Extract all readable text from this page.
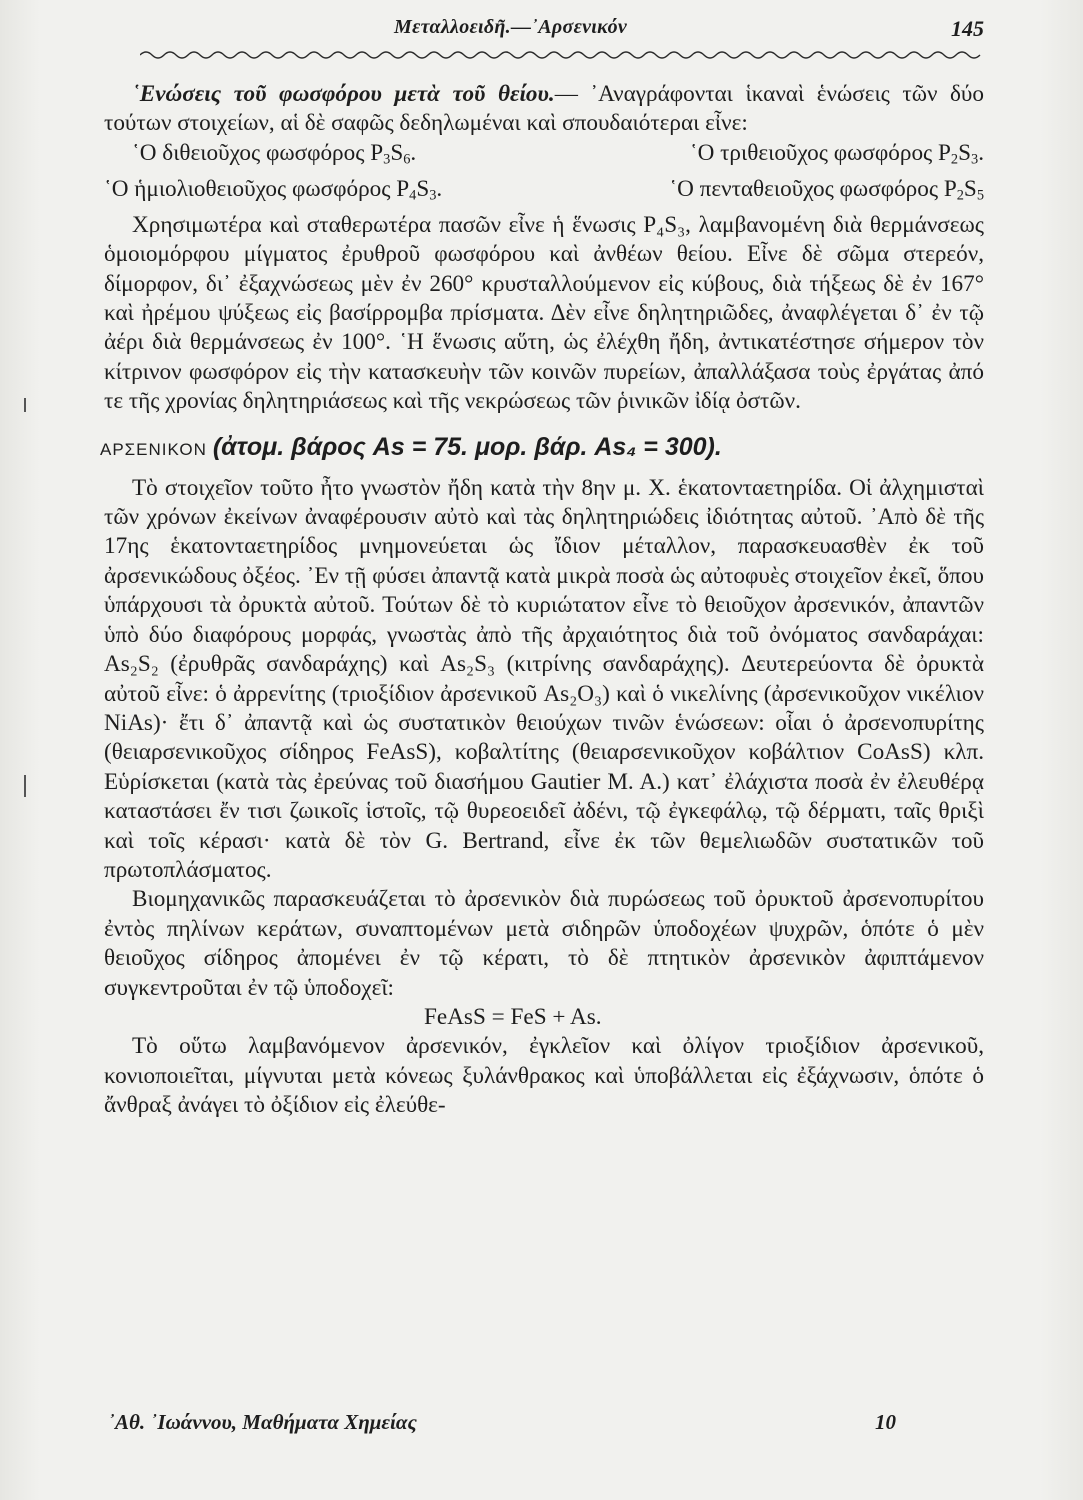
Μεταλλοειδῆ.—᾿Αρσενικόν	145

῾Ενώσεις τοῦ φωσφόρου μετὰ τοῦ θείου.— ᾿Αναγράφονται ἱκαναὶ ἑνώσεις τῶν δύο τούτων στοιχείων, αἱ δὲ σαφῶς δεδηλωμέναι καὶ σπουδαιότεραι εἶνε:

῾Ο διθειοῦχος φωσφόρος $P_3S_6$.	῾Ο τριθειοῦχος φωσφόρος $P_2S_3$.
῾Ο ἡμιολιοθειοῦχος φωσφόρος $P_4S_3$.	῾Ο πενταθειοῦχος φωσφόρος $P_2S_5$

Χρησιμωτέρα καὶ σταθερωτέρα πασῶν εἶνε ἡ ἕνωσις P₄S₃, λαμβανομένη διὰ θερμάνσεως ὁμοιομόρφου μίγματος ἐρυθροῦ φωσφόρου καὶ ἀνθέων θείου. Εἶνε δὲ σῶμα στερεόν, δίμορφον, δι᾿ ἐξαχνώσεως μὲν ἐν 260° κρυσταλλούμενον εἰς κύβους, διὰ τήξεως δὲ ἐν 167° καὶ ἠρέμου ψύξεως εἰς βασίρρομβα πρίσματα. Δὲν εἶνε δηλητηριῶδες, ἀναφλέγεται δ᾿ ἐν τῷ ἀέρι διὰ θερμάνσεως ἐν 100°. ῾Η ἕνωσις αὕτη, ὡς ἐλέχθη ἤδη, ἀντικατέστησε σήμερον τὸν κίτρινον φωσφόρον εἰς τὴν κατασκευὴν τῶν κοινῶν πυρείων, ἀπαλλάξασα τοὺς ἐργάτας ἀπό τε τῆς χρονίας δηλητηριάσεως καὶ τῆς νεκρώσεως τῶν ῥινικῶν ἰδίᾳ ὀστῶν.

ΑΡΣΕΝΙΚΟΝ (ἀτομ. βάρος As = 75. μορ. βάρ. As₄ = 300).

Τὸ στοιχεῖον τοῦτο ἦτο γνωστὸν ἤδη κατὰ τὴν 8ην μ. Χ. ἑκατονταετηρίδα. Οἱ ἀλχημισταὶ τῶν χρόνων ἐκείνων ἀναφέρουσιν αὐτὸ καὶ τὰς δηλητηριώδεις ἰδιότητας αὐτοῦ. ᾿Απὸ δὲ τῆς 17ης ἑκατονταετηρίδος μνημονεύεται ὡς ἴδιον μέταλλον, παρασκευασθὲν ἐκ τοῦ ἀρσενικώδους ὀξέος. ᾿Εν τῇ φύσει ἀπαντᾷ κατὰ μικρὰ ποσὰ ὡς αὐτοφυὲς στοιχεῖον ἐκεῖ, ὅπου ὑπάρχουσι τὰ ὀρυκτὰ αὐτοῦ. Τούτων δὲ τὸ κυριώτατον εἶνε τὸ θειοῦχον ἀρσενικόν, ἀπαντῶν ὑπὸ δύο διαφόρους μορφάς, γνωστὰς ἀπὸ τῆς ἀρχαιότητος διὰ τοῦ ὀνόματος σανδαράχαι: As₂S₂ (ἐρυθρᾶς σανδαράχης) καὶ As₂S₃ (κιτρίνης σανδαράχης). Δευτερεύοντα δὲ ὀρυκτὰ αὐτοῦ εἶνε: ὁ ἀρρενίτης (τριοξίδιον ἀρσενικοῦ As₂O₃) καὶ ὁ νικελίνης (ἀρσενικοῦχον νικέλιον NiAs)· ἔτι δ᾿ ἀπαντᾷ καὶ ὡς συστατικὸν θειούχων τινῶν ἑνώσεων: οἷαι ὁ ἀρσενοπυρίτης (θειαρσενικοῦχος σίδηρος FeAsS), κοβαλτίτης (θειαρσενικοῦχον κοβάλτιον CoAsS) κλπ. Εὑρίσκεται (κατὰ τὰς ἐρεύνας τοῦ διασήμου Gautier M. A.) κατ᾿ ἐλάχιστα ποσὰ ἐν ἐλευθέρᾳ καταστάσει ἔν τισι ζωικοῖς ἱστοῖς, τῷ θυρεοειδεῖ ἀδένι, τῷ ἐγκεφάλῳ, τῷ δέρματι, ταῖς θριξὶ καὶ τοῖς κέρασι· κατὰ δὲ τὸν G. Bertrand, εἶνε ἐκ τῶν θεμελιωδῶν συστατικῶν τοῦ πρωτοπλάσματος.

Βιομηχανικῶς παρασκευάζεται τὸ ἀρσενικὸν διὰ πυρώσεως τοῦ ὀρυκτοῦ ἀρσενοπυρίτου ἐντὸς πηλίνων κεράτων, συναπτομένων μετὰ σιδηρῶν ὑποδοχέων ψυχρῶν, ὁπότε ὁ μὲν θειοῦχος σίδηρος ἀπομένει ἐν τῷ κέρατι, τὸ δὲ πτητικὸν ἀρσενικὸν ἀφιπτάμενον συγκεντροῦται ἐν τῷ ὑποδοχεῖ:

FeAsS = FeS + As.

Τὸ οὕτω λαμβανόμενον ἀρσενικόν, ἐγκλεῖον καὶ ὀλίγον τριοξίδιον ἀρσενικοῦ, κονιοποιεῖται, μίγνυται μετὰ κόνεως ξυλάνθρακος καὶ ὑποβάλλεται εἰς ἐξάχνωσιν, ὁπότε ὁ ἄνθραξ ἀνάγει τὸ ὀξίδιον εἰς ἐλεύθε-

᾿Αθ. ᾿Ιωάννου, Μαθήματα Χημείας	10
